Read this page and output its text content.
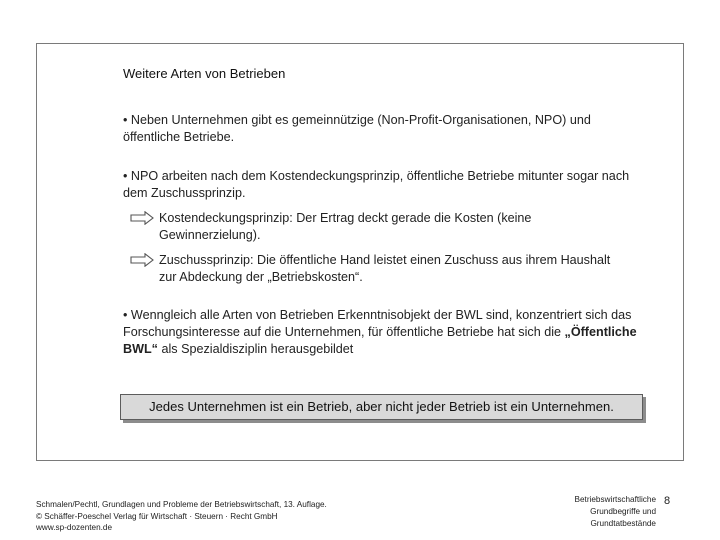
Weitere Arten von Betrieben
• Neben Unternehmen gibt es gemeinnützige (Non-Profit-Organisationen, NPO) und öffentliche Betriebe.
• NPO arbeiten nach dem Kostendeckungsprinzip, öffentliche Betriebe mitunter sogar nach dem Zuschussprinzip.
Kostendeckungsprinzip: Der Ertrag deckt gerade die Kosten (keine Gewinnerzielung).
Zuschussprinzip: Die öffentliche Hand leistet einen Zuschuss aus ihrem Haushalt zur Abdeckung der „Betriebskosten“.
• Wenngleich alle Arten von Betrieben Erkenntnisobjekt der BWL sind, konzentriert sich das Forschungsinteresse auf die Unternehmen, für öffentliche Betriebe hat sich die „Öffentliche BWL“ als Spezialdisziplin herausgebildet
Jedes Unternehmen ist ein Betrieb, aber nicht jeder Betrieb ist ein Unternehmen.
Schmalen/Pechtl, Grundlagen und Probleme der Betriebswirtschaft, 13. Auflage.
© Schäffer-Poeschel Verlag für Wirtschaft · Steuern · Recht GmbH
www.sp-dozenten.de
Betriebswirtschaftliche
Grundbegriffe und
Grundtatbestände
8
